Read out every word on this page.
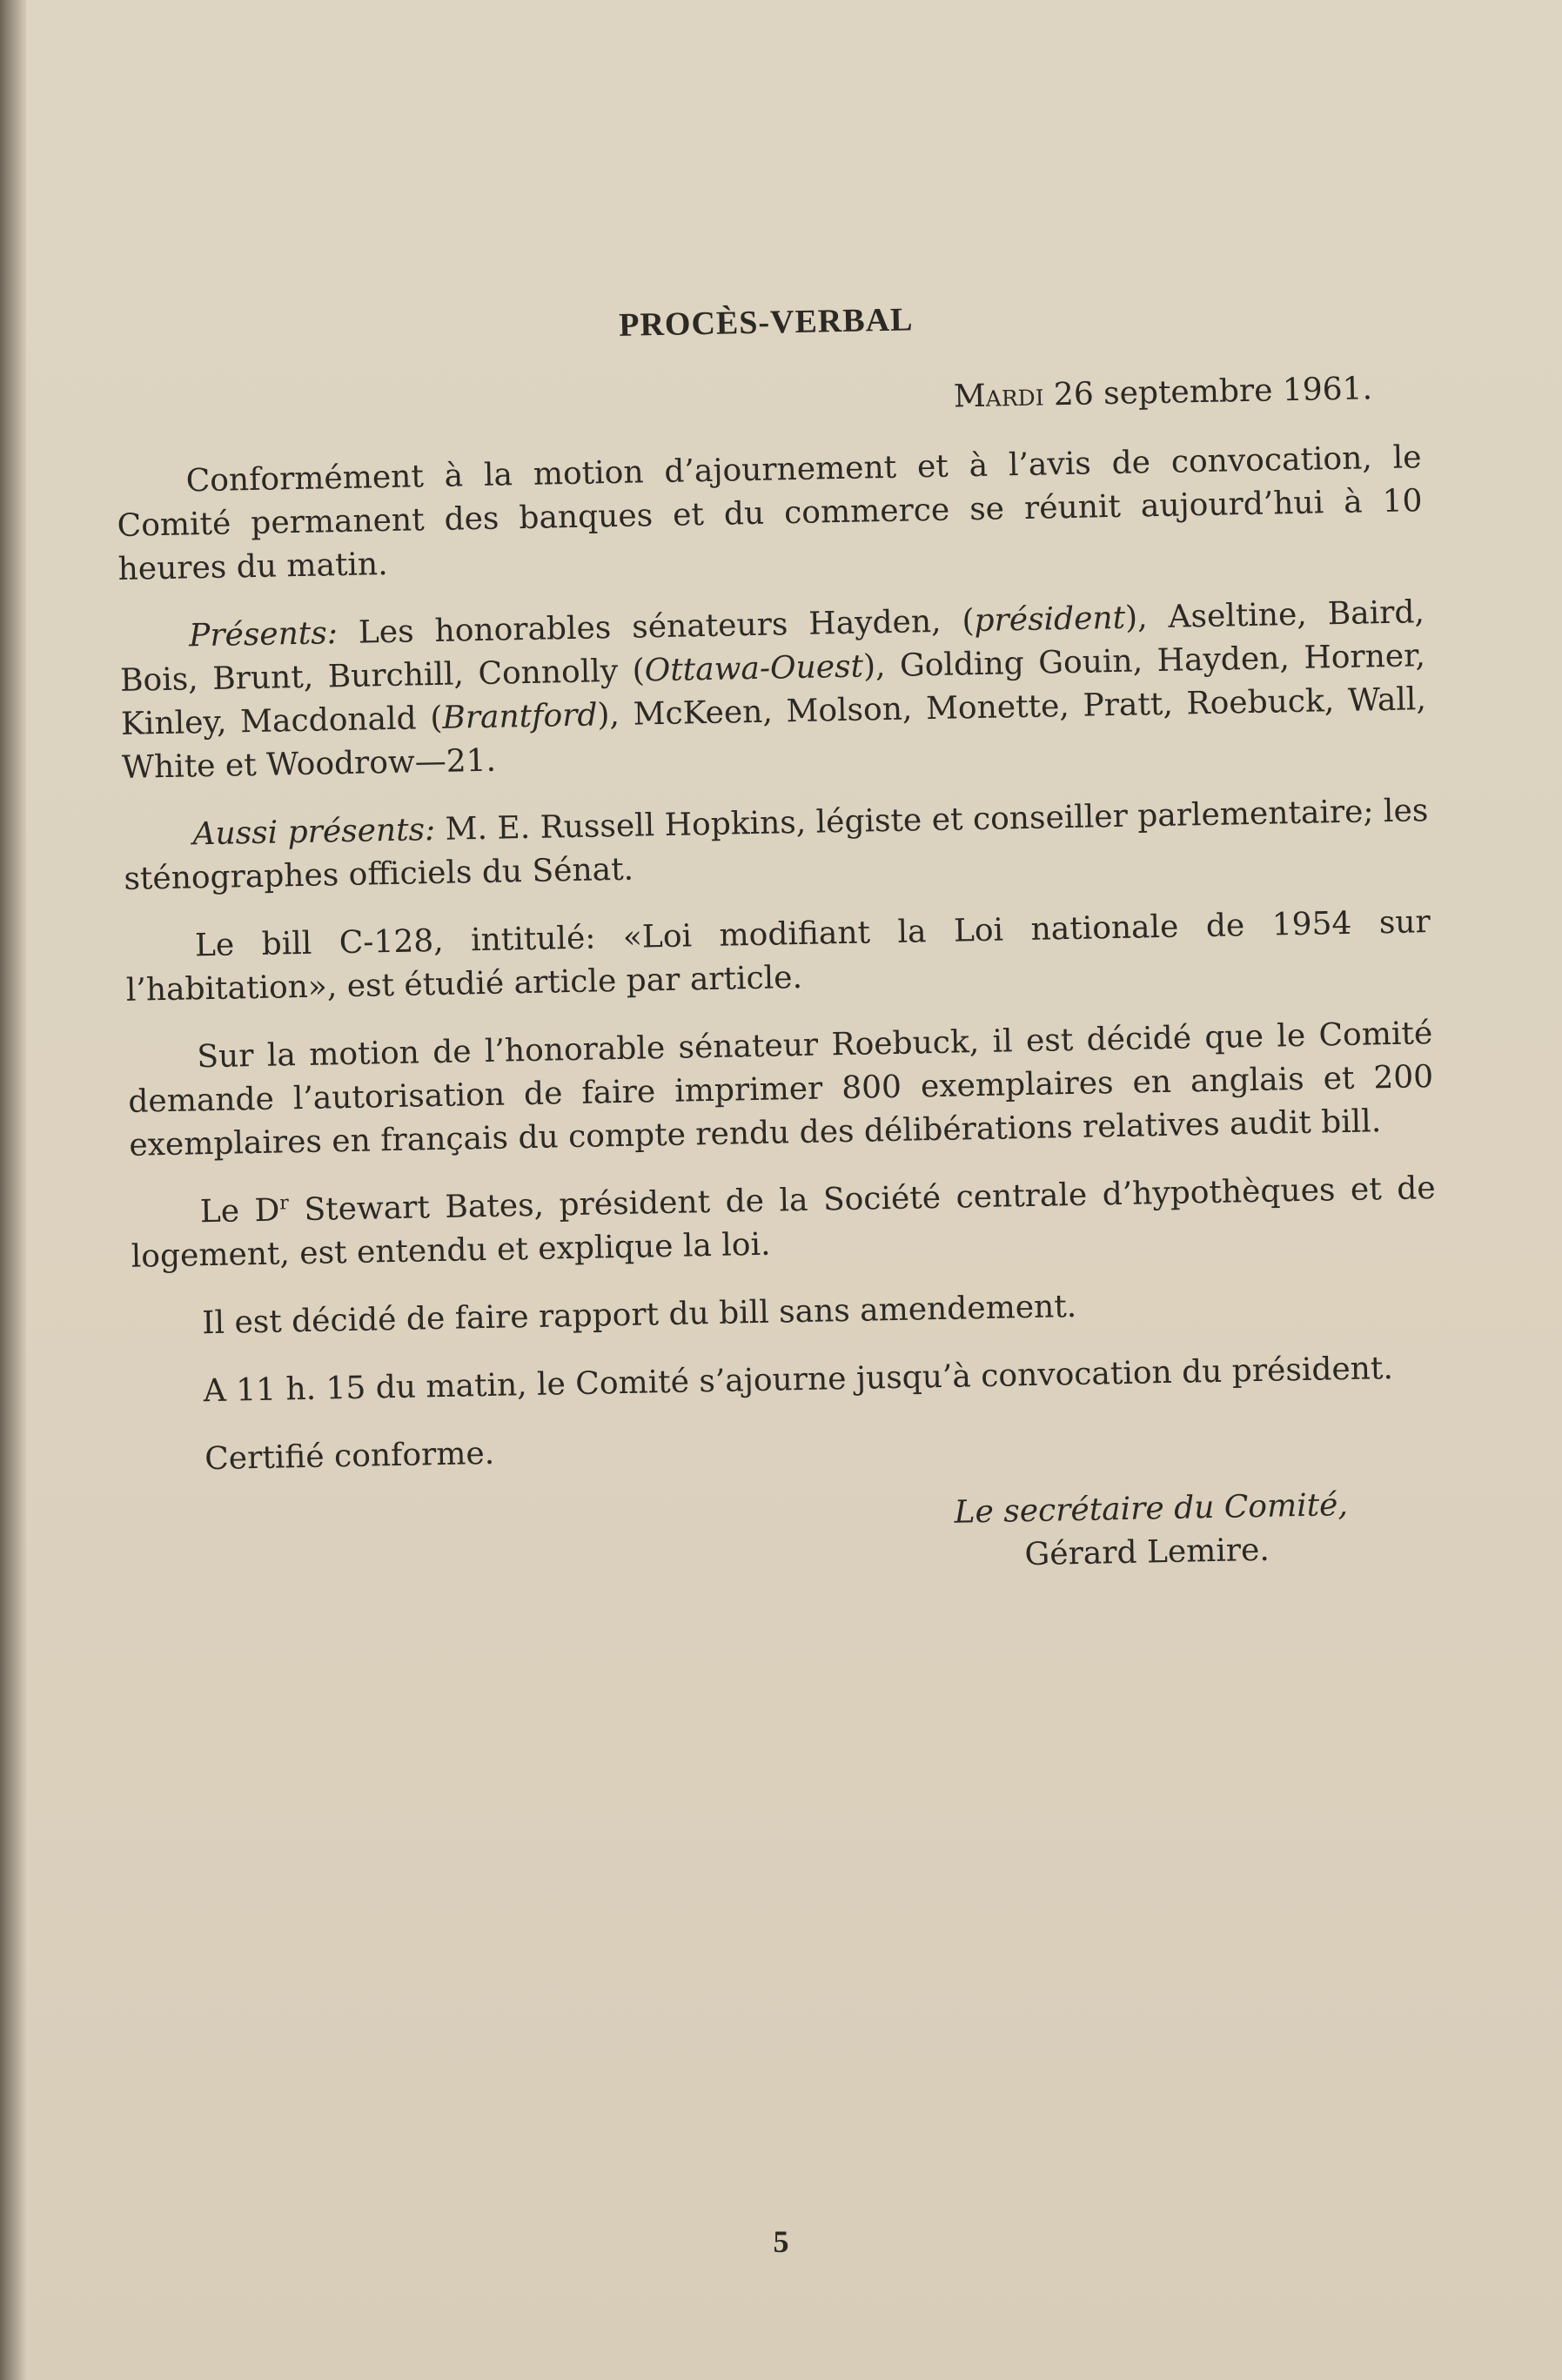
PROCÈS-VERBAL
Mardi 26 septembre 1961.

Conformément à la motion d’ajournement et à l’avis de convocation, le Comité permanent des banques et du commerce se réunit aujourd’hui à 10 heures du matin.

Présents: Les honorables sénateurs Hayden, (président), Aseltine, Baird, Bois, Brunt, Burchill, Connolly (Ottawa-Ouest), Golding Gouin, Hayden, Horner, Kinley, Macdonald (Brantford), McKeen, Molson, Monette, Pratt, Roebuck, Wall, White et Woodrow—21.

Aussi présents: M. E. Russell Hopkins, légiste et conseiller parlementaire; les sténographes officiels du Sénat.

Le bill C-128, intitulé: «Loi modifiant la Loi nationale de 1954 sur l’habitation», est étudié article par article.

Sur la motion de l’honorable sénateur Roebuck, il est décidé que le Comité demande l’autorisation de faire imprimer 800 exemplaires en anglais et 200 exemplaires en français du compte rendu des délibérations relatives audit bill.

Le $D^r$ Stewart Bates, président de la Société centrale d’hypothèques et de logement, est entendu et explique la loi.

Il est décidé de faire rapport du bill sans amendement.

A 11 h. 15 du matin, le Comité s’ajourne jusqu’à convocation du président.

Certifié conforme.

Le secrétaire du Comité,
Gérard Lemire.
5
